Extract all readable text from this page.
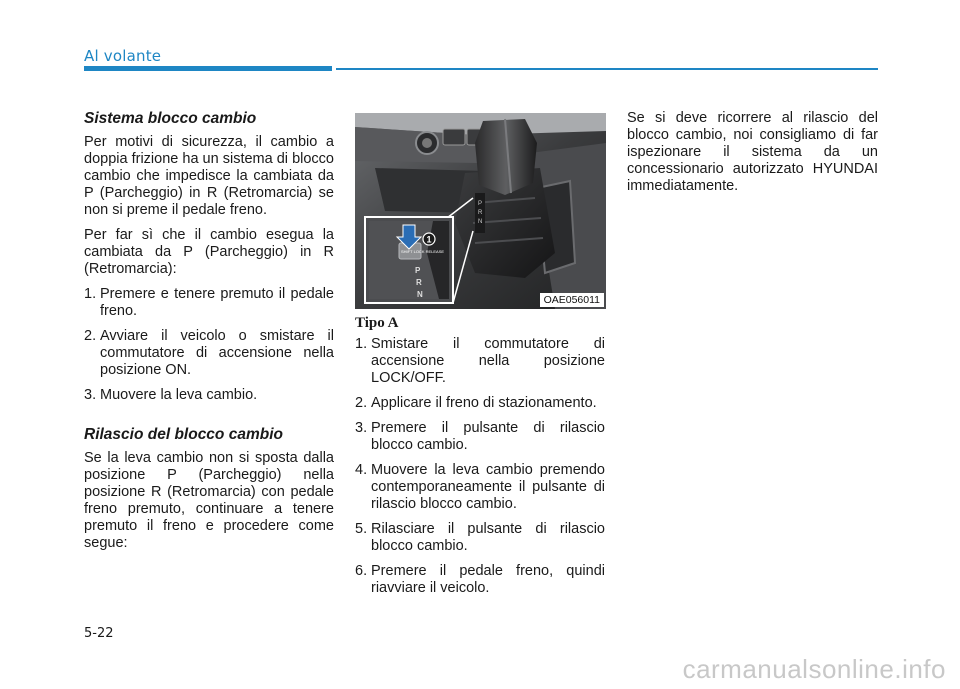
Al volante
Sistema blocco cambio

Per motivi di sicurezza, il cambio a doppia frizione ha un sistema di blocco cambio che impedisce la cambiata da P (Parcheggio) in R (Retromarcia) se non si preme il pedale freno.

Per far sì che il cambio esegua la cambiata da P (Parcheggio) in R (Retromarcia):

1. Premere e tenere premuto il pedale freno.
2. Avviare il veicolo o smistare il commutatore di accensione nella posizione ON.
3. Muovere la leva cambio.
Rilascio del blocco cambio

Se la leva cambio non si sposta dalla posizione P (Parcheggio) nella posizione R (Retromarcia) con pedale freno premuto, continuare a tenere premuto il freno e procedere come segue:

P
R
N
SHIFT LOCK RELEASE
P
R
N
1
OAE056011
Tipo A
1. Smistare il commutatore di accensione nella posizione LOCK/OFF.
2. Applicare il freno di stazionamento.
3. Premere il pulsante di rilascio blocco cambio.
4. Muovere la leva cambio premendo contemporaneamente il pulsante di rilascio blocco cambio.
5. Rilasciare il pulsante di rilascio blocco cambio.
6. Premere il pedale freno, quindi riavviare il veicolo.

Se si deve ricorrere al rilascio del blocco cambio, noi consigliamo di far ispezionare il sistema da un concessionario autorizzato HYUNDAI immediatamente.

5-22
carmanualsonline.info
